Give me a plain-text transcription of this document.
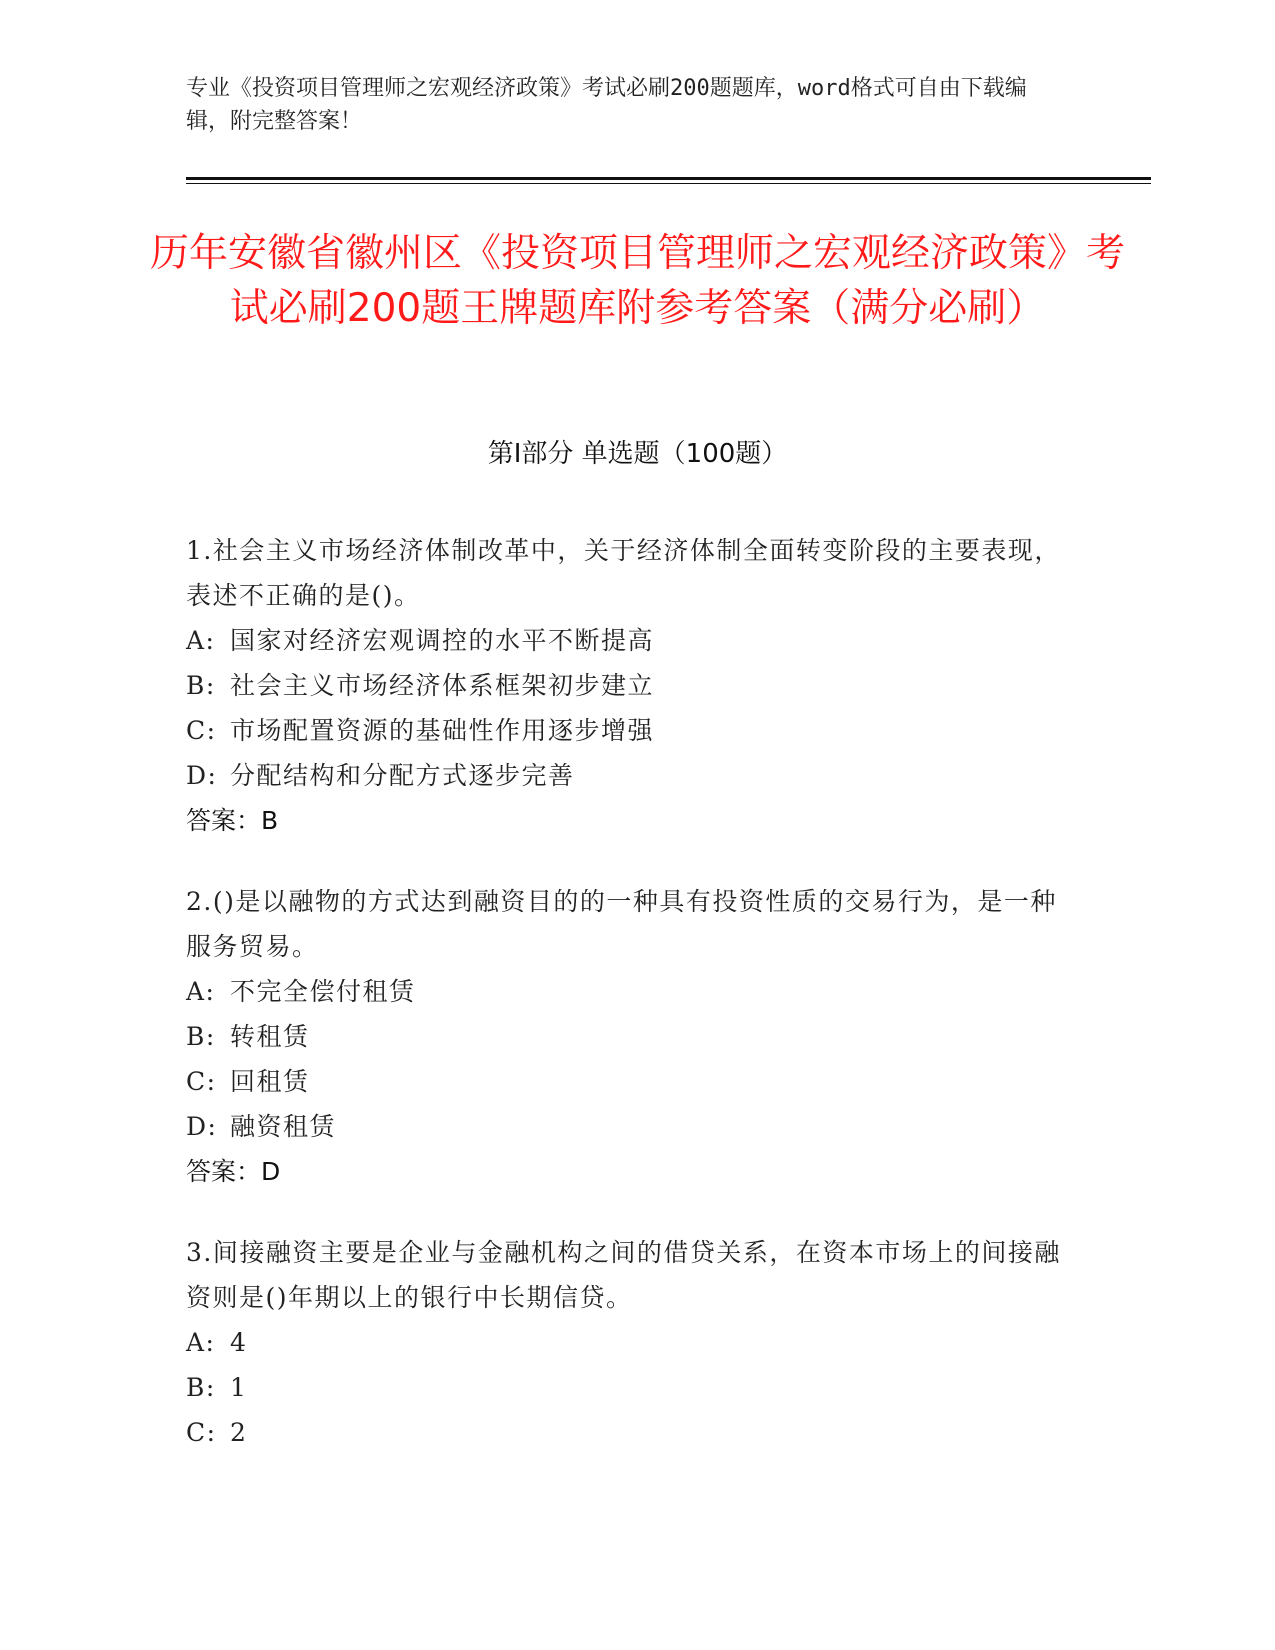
专业《投资项目管理师之宏观经济政策》考试必刷200题题库，word格式可自由下载编辑，附完整答案！
历年安徽省徽州区《投资项目管理师之宏观经济政策》考试必刷200题王牌题库附参考答案（满分必刷）
第I部分 单选题（100题）

1.社会主义市场经济体制改革中，关于经济体制全面转变阶段的主要表现，表述不正确的是()。

A: 国家对经济宏观调控的水平不断提高

B: 社会主义市场经济体系框架初步建立

C: 市场配置资源的基础性作用逐步增强

D: 分配结构和分配方式逐步完善

答案：B

2.()是以融物的方式达到融资目的的一种具有投资性质的交易行为，是一种服务贸易。

A: 不完全偿付租赁

B: 转租赁

C: 回租赁

D: 融资租赁

答案：D

3.间接融资主要是企业与金融机构之间的借贷关系，在资本市场上的间接融资则是()年期以上的银行中长期信贷。

A: 4

B: 1

C: 2
